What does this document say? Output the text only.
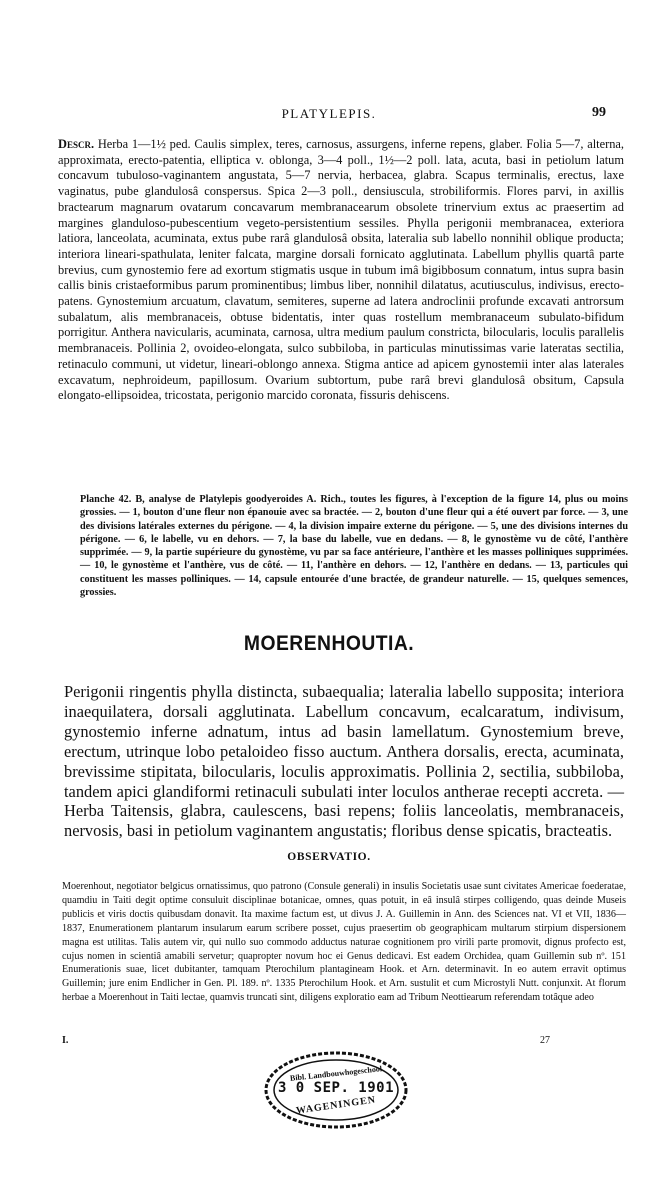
PLATYLEPIS.	99
Descr. Herba 1—1½ ped. Caulis simplex, teres, carnosus, assurgens, inferne repens, glaber. Folia 5—7, alterna, approximata, erecto-patentia, elliptica v. oblonga, 3—4 poll., 1½—2 poll. lata, acuta, basi in petiolum latum concavum tubuloso-vaginantem angustata, 5—7 nervia, herbacea, glabra. Scapus terminalis, erectus, laxe vaginatus, pube glandulosâ conspersus. Spica 2—3 poll., densiuscula, strobiliformis. Flores parvi, in axillis bractearum magnarum ovatarum concavarum membranacearum obsolete trinervium extus ac praesertim ad margines glanduloso-pubescentium vegeto-persistentium sessiles. Phylla perigonii membranacea, exteriora latiora, lanceolata, acuminata, extus pube rarâ glandulosâ obsita, lateralia sub labello nonnihil oblique producta; interiora lineari-spathulata, leniter falcata, margine dorsali fornicato agglutinata. Labellum phyllis quartâ parte brevius, cum gynostemio fere ad exortum stigmatis usque in tubum imâ bigibbosum connatum, intus supra basin callis binis cristaeformibus parum prominentibus; limbus liber, nonnihil dilatatus, acutiusculus, indivisus, erecto-patens. Gynostemium arcuatum, clavatum, semiteres, superne ad latera androclinii profunde excavati antrorsum subalatum, alis membranaceis, obtuse bidentatis, inter quas rostellum membranaceum subulato-bifidum porrigitur. Anthera navicularis, acuminata, carnosa, ultra medium paulum constricta, bilocularis, loculis parallelis membranaceis. Pollinia 2, ovoideo-elongata, sulco subbiloba, in particulas minutissimas varie lateratas sectilia, retinaculo communi, ut videtur, lineari-oblongo annexa. Stigma antice ad apicem gynostemii inter alas laterales excavatum, nephroideum, papillosum. Ovarium subtortum, pube rarâ brevi glandulosâ obsitum, Capsula elongato-ellipsoidea, tricostata, perigonio marcido coronata, fissuris dehiscens.
Planche 42. B, analyse de Platylepis goodyeroides A. Rich., toutes les figures, à l'exception de la figure 14, plus ou moins grossies. — 1, bouton d'une fleur non épanouie avec sa bractée. — 2, bouton d'une fleur qui a été ouvert par force. — 3, une des divisions latérales externes du périgone. — 4, la division impaire externe du périgone. — 5, une des divisions internes du périgone. — 6, le labelle, vu en dehors. — 7, la base du labelle, vue en dedans. — 8, le gynostème vu de côté, l'anthère supprimée. — 9, la partie supérieure du gynostème, vu par sa face antérieure, l'anthère et les masses polliniques supprimées. — 10, le gynostème et l'anthère, vus de côté. — 11, l'anthère en dehors. — 12, l'anthère en dedans. — 13, particules qui constituent les masses polliniques. — 14, capsule entourée d'une bractée, de grandeur naturelle. — 15, quelques semences, grossies.
MOERENHOUTIA.
Perigonii ringentis phylla distincta, subaequalia; lateralia labello supposita; interiora inaequilatera, dorsali agglutinata. Labellum concavum, ecalcaratum, indivisum, gynostemio inferne adnatum, intus ad basin lamellatum. Gynostemium breve, erectum, utrinque lobo petaloideo fisso auctum. Anthera dorsalis, erecta, acuminata, brevissime stipitata, bilocularis, loculis approximatis. Pollinia 2, sectilia, subbiloba, tandem apici glandiformi retinaculi subulati inter loculos antherae recepti accreta. — Herba Taitensis, glabra, caulescens, basi repens; foliis lanceolatis, membranaceis, nervosis, basi in petiolum vaginantem angustatis; floribus dense spicatis, bracteatis.
OBSERVATIO.
Moerenhout, negotiator belgicus ornatissimus, quo patrono (Consule generali) in insulis Societatis usae sunt civitates Americae foederatae, quamdiu in Taiti degit optime consuluit disciplinae botanicae, omnes, quas potuit, in eâ insulâ stirpes colligendo, quas deinde Museis publicis et viris doctis quibusdam donavit. Ita maxime factum est, ut divus J. A. Guillemin in Ann. des Sciences nat. VI et VII, 1836—1837, Enumerationem plantarum insularum earum scribere posset, cujus praesertim ob geographicam multarum stirpium dispersionem magna est utilitas. Talis autem vir, qui nullo suo commodo adductus naturae cognitionem pro virili parte promovit, dignus profecto est, cujus nomen in scientiâ amabili servetur; quapropter novum hoc ei Genus dedicavi. Est eadem Orchidea, quam Guillemin sub nº. 151 Enumerationis suae, licet dubitanter, tamquam Pterochilum plantagineam Hook. et Arn. determinavit. In eo autem erravit optimus Guillemin; jure enim Endlicher in Gen. Pl. 189. nº. 1335 Pterochilum Hook. et Arn. sustulit et cum Microstyli Nutt. conjunxit. At florum herbae a Moerenhout in Taiti lectae, quamvis truncati sint, diligens exploratio eam ad Tribum Neottiearum referendam totâque adeo
I.	27
Bibl. Landbouwhogeschool
3 0 SEP. 1901
WAGENINGEN
